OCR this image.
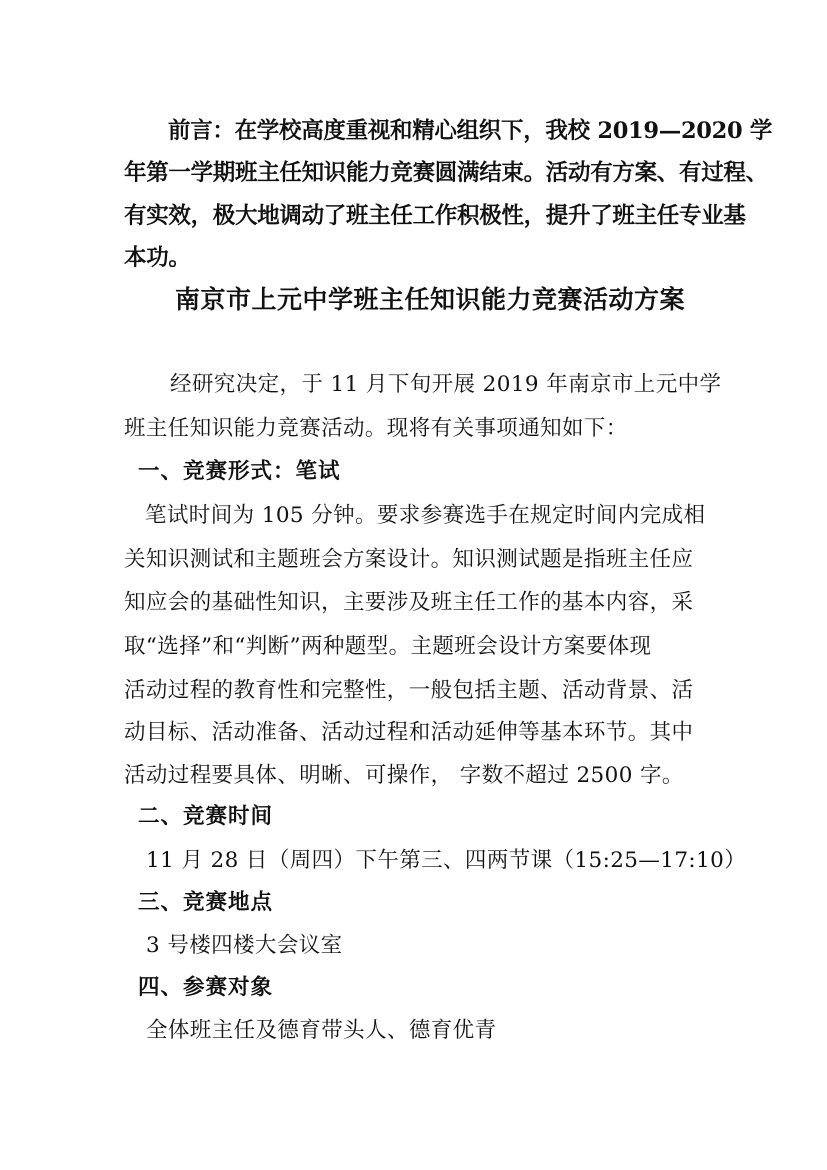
前言：在学校高度重视和精心组织下，我校 2019—2020 学
年第一学期班主任知识能力竞赛圆满结束。活动有方案、有过程、
有实效，极大地调动了班主任工作积极性，提升了班主任专业基
本功。
南京市上元中学班主任知识能力竞赛活动方案
经研究决定，于 11 月下旬开展 2019 年南京市上元中学
班主任知识能力竞赛活动。现将有关事项通知如下：
一、竞赛形式：笔试
笔试时间为 105 分钟。要求参赛选手在规定时间内完成相
关知识测试和主题班会方案设计。知识测试题是指班主任应
知应会的基础性知识，主要涉及班主任工作的基本内容，采
取“选择”和“判断”两种题型。主题班会设计方案要体现
活动过程的教育性和完整性，一般包括主题、活动背景、活
动目标、活动准备、活动过程和活动延伸等基本环节。其中
活动过程要具体、明晰、可操作， 字数不超过 2500 字。
二、竞赛时间
11 月 28 日（周四）下午第三、四两节课（15:25—17:10）
三、竞赛地点
3 号楼四楼大会议室
四、参赛对象
全体班主任及德育带头人、德育优青
